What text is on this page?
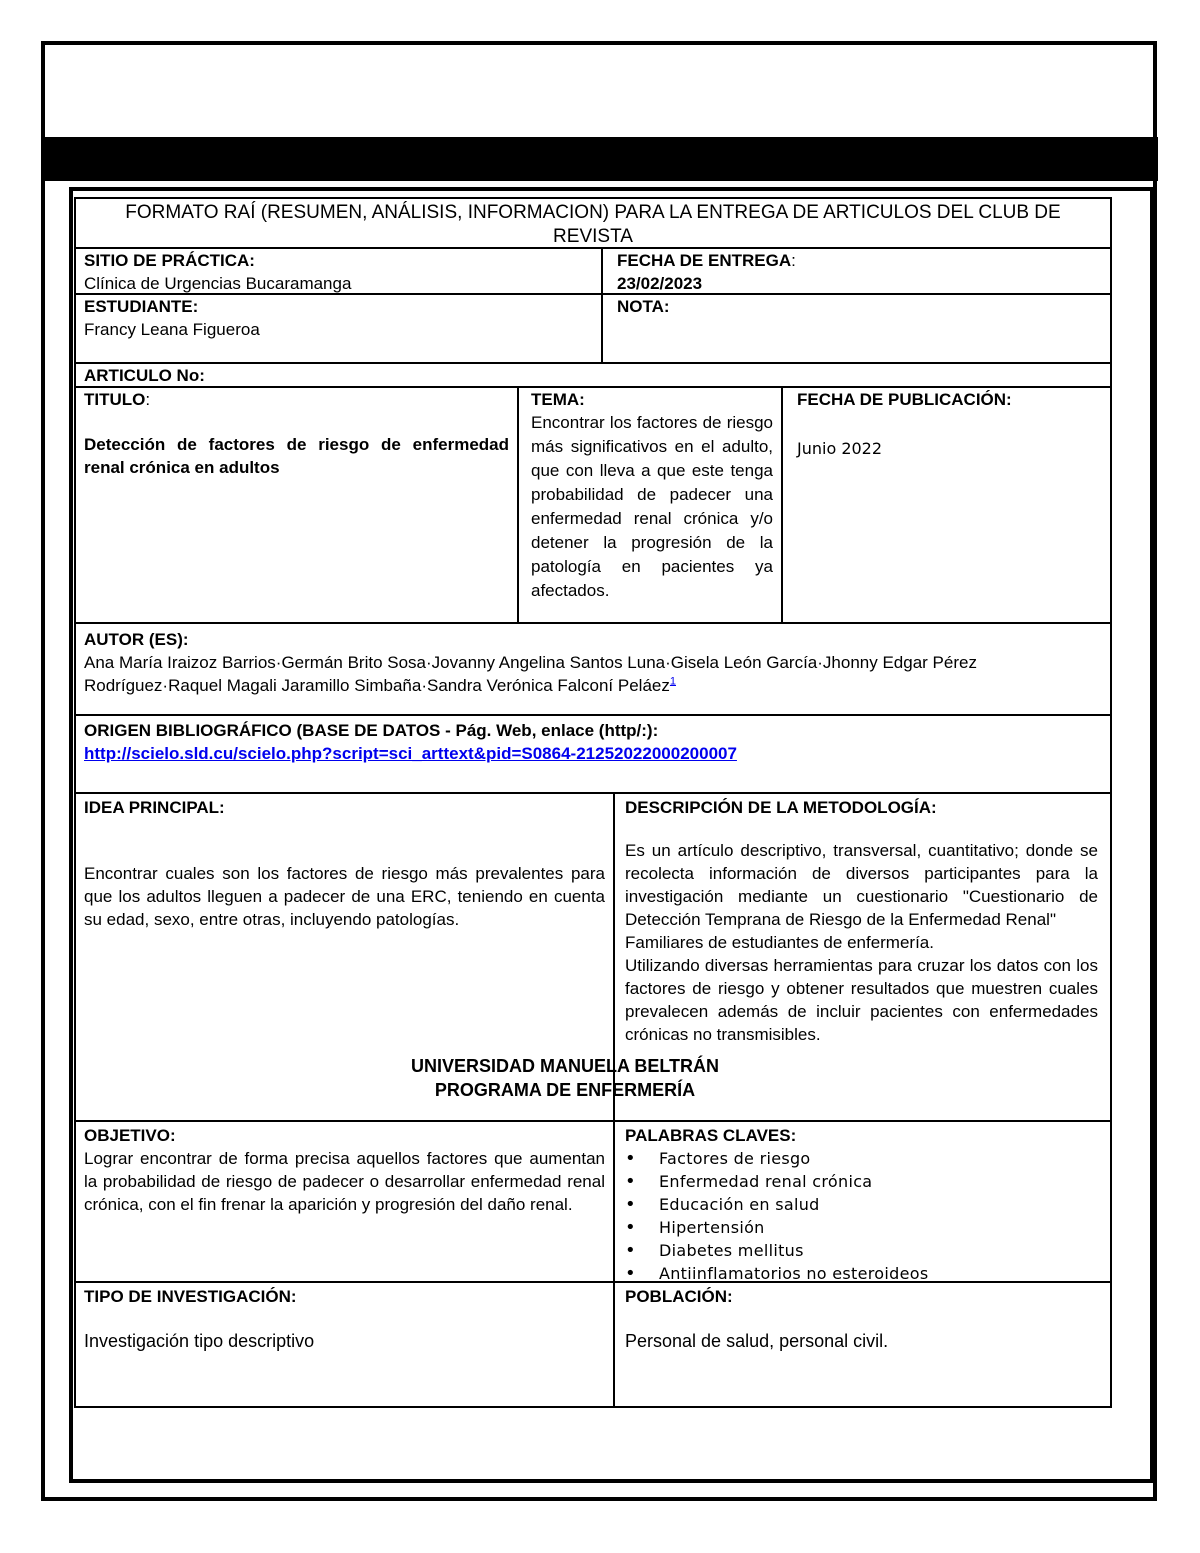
FORMATO RAÍ (RESUMEN, ANÁLISIS, INFORMACION) PARA LA ENTREGA DE ARTICULOS DEL CLUB DE REVISTA
SITIO DE PRÁCTICA:
Clínica de Urgencias Bucaramanga
FECHA DE ENTREGA:
23/02/2023
ESTUDIANTE:
Francy Leana Figueroa
NOTA:
ARTICULO No:
TITULO:
Detección de factores de riesgo de enfermedad renal crónica en adultos
TEMA:
Encontrar los factores de riesgo más significativos en el adulto, que con lleva a que este tenga probabilidad de padecer una enfermedad renal crónica y/o detener la progresión de la patología en pacientes ya afectados.
FECHA DE PUBLICACIÓN:
Junio 2022
AUTOR (ES):
Ana María Iraizoz Barrios·Germán Brito Sosa·Jovanny Angelina Santos Luna·Gisela León García·Jhonny Edgar Pérez Rodríguez·Raquel Magali Jaramillo Simbaña·Sandra Verónica Falconí Peláez$^1$
ORIGEN BIBLIOGRÁFICO (BASE DE DATOS - Pág. Web, enlace (http/:):
http://scielo.sld.cu/scielo.php?script=sci_arttext&pid=S0864-21252022000200007
IDEA PRINCIPAL:
Encontrar cuales son los factores de riesgo más prevalentes para que los adultos lleguen a padecer de una ERC, teniendo en cuenta su edad, sexo, entre otras, incluyendo patologías.
DESCRIPCIÓN DE LA METODOLOGÍA:
Es un artículo descriptivo, transversal, cuantitativo; donde se recolecta información de diversos participantes para la investigación mediante un cuestionario "Cuestionario de Detección Temprana de Riesgo de la Enfermedad Renal"
Familiares de estudiantes de enfermería.
Utilizando diversas herramientas para cruzar los datos con los factores de riesgo y obtener resultados que muestren cuales prevalecen además de incluir pacientes con enfermedades crónicas no transmisibles.
UNIVERSIDAD MANUELA BELTRÁN
PROGRAMA DE ENFERMERÍA
OBJETIVO:
Lograr encontrar de forma precisa aquellos factores que aumentan la probabilidad de riesgo de padecer o desarrollar enfermedad renal crónica, con el fin frenar la aparición y progresión del daño renal.
PALABRAS CLAVES:
• Factores de riesgo
• Enfermedad renal crónica
• Educación en salud
• Hipertensión
• Diabetes mellitus
• Antiinflamatorios no esteroideos
TIPO DE INVESTIGACIÓN:
Investigación tipo descriptivo
POBLACIÓN:
Personal de salud, personal civil.
